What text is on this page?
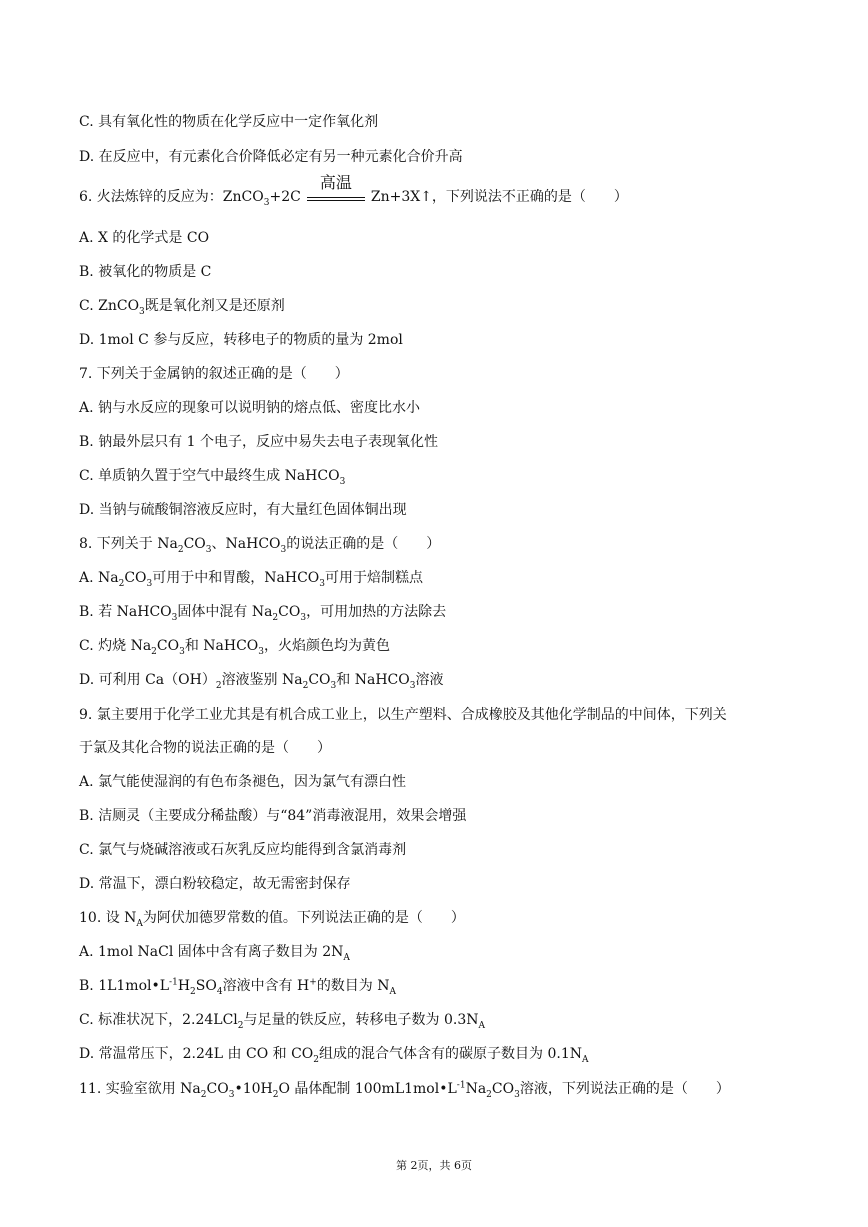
C. 具有氧化性的物质在化学反应中一定作氧化剂
D. 在反应中，有元素化合价降低必定有另一种元素化合价升高
6. 火法炼锌的反应为：ZnCO$_3$+2C
高温
Zn+3X↑，下列说法不正确的是（　　）
A. X 的化学式是 CO
B. 被氧化的物质是 C
C. ZnCO$_3$既是氧化剂又是还原剂
D. 1mol C 参与反应，转移电子的物质的量为 2mol
7. 下列关于金属钠的叙述正确的是（　　）
A. 钠与水反应的现象可以说明钠的熔点低、密度比水小
B. 钠最外层只有 1 个电子，反应中易失去电子表现氧化性
C. 单质钠久置于空气中最终生成 NaHCO$_3$
D. 当钠与硫酸铜溶液反应时，有大量红色固体铜出现
8. 下列关于 $Na_2CO_3$、NaHCO$_3$的说法正确的是（　　）
A. $Na_2CO_3$可用于中和胃酸，NaHCO$_3$可用于焙制糕点
B. 若 NaHCO$_3$固体中混有 $Na_2CO_3$，可用加热的方法除去
C. 灼烧 $Na_2CO_3$和 NaHCO$_3$，火焰颜色均为黄色
D. 可利用 $Ca(OH)_2$溶液鉴别 $Na_2CO_3$和 NaHCO$_3$溶液
9. 氯主要用于化学工业尤其是有机合成工业上，以生产塑料、合成橡胶及其他化学制品的中间体，下列关
于氯及其化合物的说法正确的是（　　）
A. 氯气能使湿润的有色布条褪色，因为氯气有漂白性
B. 洁厕灵（主要成分稀盐酸）与“84”消毒液混用，效果会增强
C. 氯气与烧碱溶液或石灰乳反应均能得到含氯消毒剂
D. 常温下，漂白粉较稳定，故无需密封保存
10. 设 $N_A$为阿伏加德罗常数的值。下列说法正确的是（　　）
A. 1mol NaCl 固体中含有离子数目为 $2N_A$
B. $1L1mol•L^{-1}H_2SO_4$溶液中含有 H+的数目为 $N_A$
C. 标准状况下，2.24LCl$_2$与足量的铁反应，转移电子数为 $0.3N_A$
D. 常温常压下，2.24L 由 CO 和 $CO_2$组成的混合气体含有的碳原子数目为 $0.1N_A$
11. 实验室欲用 $Na_2CO_3•10H_2O$ 晶体配制 $100mL1mol•L^{-1}Na_2CO_3$溶液，下列说法正确的是（　　）
第 2页，共 6页
